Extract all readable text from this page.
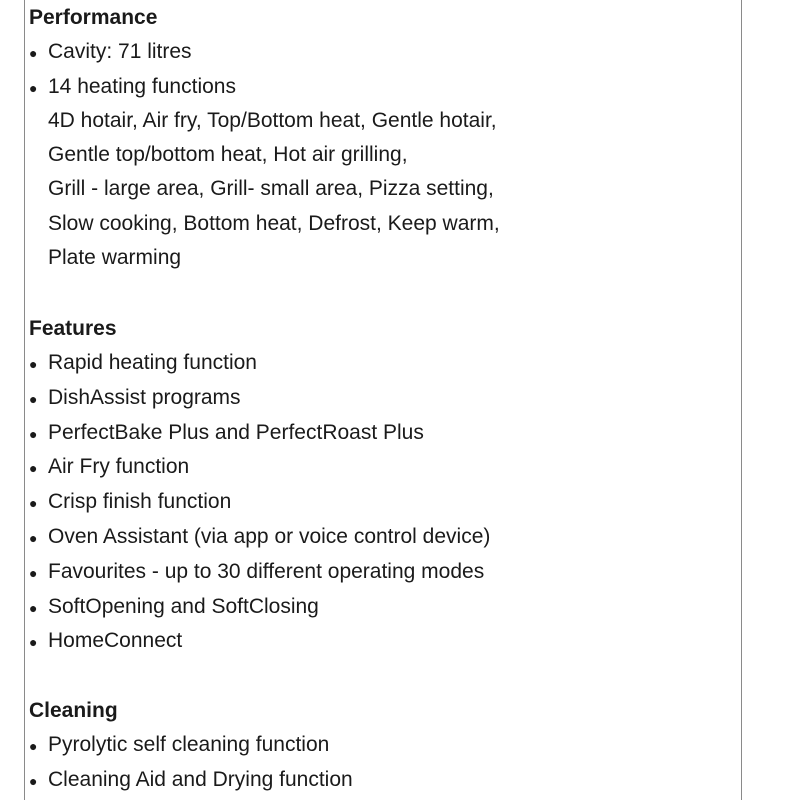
Performance
● Cavity: 71 litres
● 14 heating functions
4D hotair, Air fry, Top/Bottom heat, Gentle hotair,
Gentle top/bottom heat, Hot air grilling,
Grill - large area, Grill- small area, Pizza setting,
Slow cooking, Bottom heat, Defrost, Keep warm,
Plate warming
Features
● Rapid heating function
● DishAssist programs
● PerfectBake Plus and PerfectRoast Plus
● Air Fry function
● Crisp finish function
● Oven Assistant (via app or voice control device)
● Favourites - up to 30 different operating modes
● SoftOpening and SoftClosing
● HomeConnect
Cleaning
● Pyrolytic self cleaning function
● Cleaning Aid and Drying function
